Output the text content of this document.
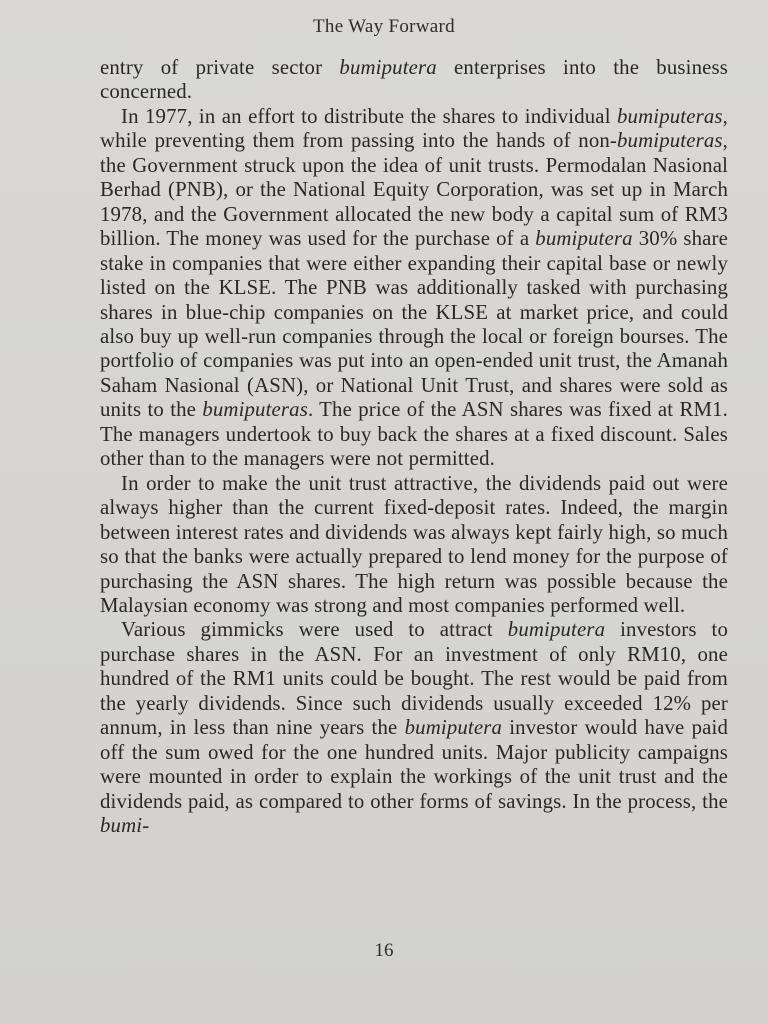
The Way Forward

entry of private sector bumiputera enterprises into the business concerned.

In 1977, in an effort to distribute the shares to individual bumiputeras, while preventing them from passing into the hands of non-bumiputeras, the Government struck upon the idea of unit trusts. Permodalan Nasional Berhad (PNB), or the National Equity Corporation, was set up in March 1978, and the Government allocated the new body a capital sum of RM3 billion. The money was used for the purchase of a bumiputera 30% share stake in companies that were either expanding their capital base or newly listed on the KLSE. The PNB was additionally tasked with purchasing shares in blue-chip companies on the KLSE at market price, and could also buy up well-run companies through the local or foreign bourses. The portfolio of companies was put into an open-ended unit trust, the Amanah Saham Nasional (ASN), or National Unit Trust, and shares were sold as units to the bumiputeras. The price of the ASN shares was fixed at RM1. The managers undertook to buy back the shares at a fixed discount. Sales other than to the managers were not permitted.

In order to make the unit trust attractive, the dividends paid out were always higher than the current fixed-deposit rates. Indeed, the margin between interest rates and dividends was always kept fairly high, so much so that the banks were actually prepared to lend money for the purpose of purchasing the ASN shares. The high return was possible because the Malaysian economy was strong and most companies performed well.

Various gimmicks were used to attract bumiputera investors to purchase shares in the ASN. For an investment of only RM10, one hundred of the RM1 units could be bought. The rest would be paid from the yearly dividends. Since such dividends usually exceeded 12% per annum, in less than nine years the bumiputera investor would have paid off the sum owed for the one hundred units. Major publicity campaigns were mounted in order to explain the workings of the unit trust and the dividends paid, as compared to other forms of savings. In the process, the bumi-

16
